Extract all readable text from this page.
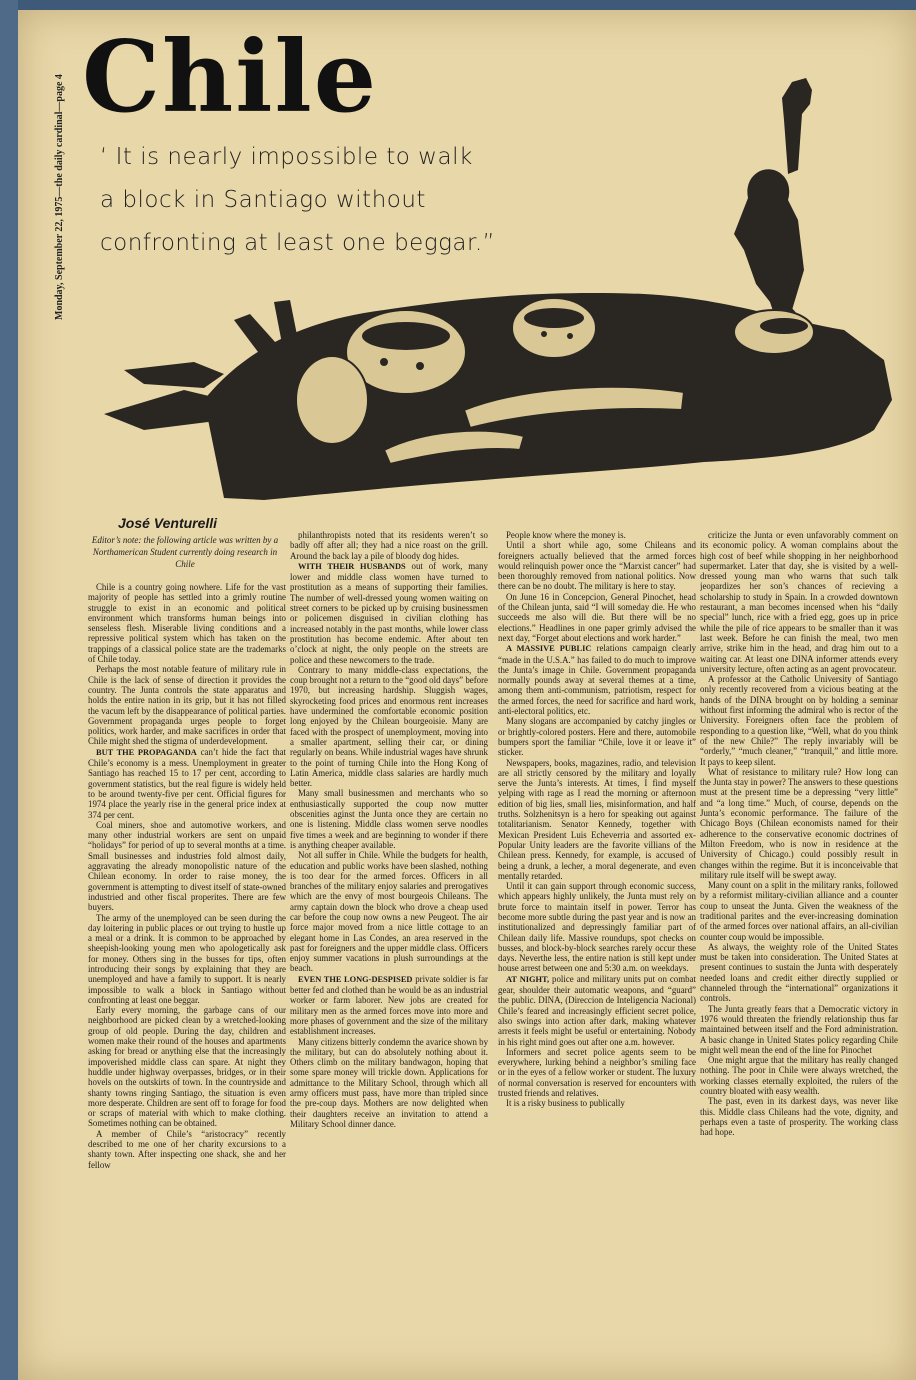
Monday, September 22, 1975—the daily cardinal—page 4 Chile
‘ It is nearly impossible to walk
a block in Santiago without
confronting at least one beggar.”
José Venturelli
Editor’s note: the following article was written by a Northamerican Student currently doing research in Chile

Chile is a country going nowhere. Life for the vast majority of people has settled into a grimly routine struggle to exist in an economic and political environment which transforms human beings into senseless flesh. Miserable living conditions and a repressive political system which has taken on the trappings of a classical police state are the trademarks of Chile today.

Perhaps the most notable feature of military rule in Chile is the lack of sense of direction it provides the country. The Junta controls the state apparatus and holds the entire nation in its grip, but it has not filled the vacum left by the disappearance of political parties. Government propaganda urges people to forget politics, work harder, and make sacrifices in order that Chile might shed the stigma of underdevelopment.

BUT THE PROPAGANDA can’t hide the fact that Chile’s economy is a mess. Unemployment in greater Santiago has reached 15 to 17 per cent, according to government statistics, but the real figure is widely held to be around twenty-five per cent. Official figures for 1974 place the yearly rise in the general price index at 374 per cent.

Coal miners, shoe and automotive workers, and many other industrial workers are sent on unpaid “holidays” for period of up to several months at a time. Small businesses and industries fold almost daily, aggravating the already monopolistic nature of the Chilean economy. In order to raise money, the government is attempting to divest itself of state-owned industried and other fiscal properites. There are few buyers.

The army of the unemployed can be seen during the day loitering in public places or out trying to hustle up a meal or a drink. It is common to be approached by sheepish-looking young men who apologetically ask for money. Others sing in the busses for tips, often introducing their songs by explaining that they are unemployed and have a family to support. It is nearly impossible to walk a block in Santiago without confronting at least one beggar.

Early every morning, the garbage cans of our neighborhood are picked clean by a wretched-looking group of old people. During the day, children and women make their round of the houses and apartments asking for bread or anything else that the increasingly impoverished middle class can spare. At night they huddle under highway overpasses, bridges, or in their hovels on the outskirts of town. In the countryside and shanty towns ringing Santiago, the situation is even more desperate. Children are sent off to forage for food or scraps of material with which to make clothing. Sometimes nothing can be obtained.

A member of Chile’s “aristocracy” recently described to me one of her charity excursions to a shanty town. After inspecting one shack, she and her fellow

philanthropists noted that its residents weren’t so badly off after all; they had a nice roast on the grill. Around the back lay a pile of bloody dog hides.

WITH THEIR HUSBANDS out of work, many lower and middle class women have turned to prostitution as a means of supporting their families. The number of well-dressed young women waiting on street corners to be picked up by cruising businessmen or policemen disguised in civilian clothing has increased notably in the past months, while lower class prostitution has become endemic. After about ten o’clock at night, the only people on the streets are police and these newcomers to the trade.

Contrary to many middle-class expectations, the coup brought not a return to the “good old days” before 1970, but increasing hardship. Sluggish wages, skyrocketing food prices and enormous rent increases have undermined the comfortable economic position long enjoyed by the Chilean bourgeoisie. Many are faced with the prospect of unemployment, moving into a smaller apartment, selling their car, or dining regularly on beans. While industrial wages have shrunk to the point of turning Chile into the Hong Kong of Latin America, middle class salaries are hardly much better.

Many small businessmen and merchants who so enthusiastically supported the coup now mutter obscenities aginst the Junta once they are certain no one is listening. Middle class women serve noodles five times a week and are beginning to wonder if there is anything cheaper available.

Not all suffer in Chile. While the budgets for health, education and public works have been slashed, nothing is too dear for the armed forces. Officers in all branches of the military enjoy salaries and prerogatives which are the envy of most bourgeois Chileans. The army captain down the block who drove a cheap used car before the coup now owns a new Peugeot. The air force major moved from a nice little cottage to an elegant home in Las Condes, an area reserved in the past for foreigners and the upper middle class. Officers enjoy summer vacations in plush surroundings at the beach.

EVEN THE LONG-DESPISED private soldier is far better fed and clothed than he would be as an industrial worker or farm laborer. New jobs are created for military men as the armed forces move into more and more phases of government and the size of the military establishment increases.

Many citizens bitterly condemn the avarice shown by the military, but can do absolutely nothing about it. Others climb on the military bandwagon, hoping that some spare money will trickle down. Applications for admittance to the Military School, through which all army officers must pass, have more than tripled since the pre-coup days. Mothers are now delighted when their daughters receive an invitation to attend a Military School dinner dance.

People know where the money is.

Until a short while ago, some Chileans and foreigners actually believed that the armed forces would relinquish power once the “Marxist cancer” had been thoroughly removed from national politics. Now there can be no doubt. The military is here to stay.

On June 16 in Concepcion, General Pinochet, head of the Chilean junta, said “I will someday die. He who succeeds me also will die. But there will be no elections.” Headlines in one paper grimly advised the next day, “Forget about elections and work harder.”

A MASSIVE PUBLIC relations campaign clearly “made in the U.S.A.” has failed to do much to improve the Junta’s image in Chile. Government propaganda normally pounds away at several themes at a time, among them anti-communism, patriotism, respect for the armed forces, the need for sacrifice and hard work, anti-electoral politics, etc.

Many slogans are accompanied by catchy jingles or or brightly-colored posters. Here and there, automobile bumpers sport the familiar “Chile, love it or leave it” sticker.

Newspapers, books, magazines, radio, and television are all strictly censored by the military and loyally serve the Junta’s interests. At times, I find myself yelping with rage as I read the morning or afternoon edition of big lies, small lies, misinformation, and half truths. Solzhenitsyn is a hero for speaking out against totalitarianism. Senator Kennedy, together with Mexican President Luis Echeverria and assorted ex- Popular Unity leaders are the favorite villians of the Chilean press. Kennedy, for example, is accused of being a drunk, a lecher, a moral degenerate, and even mentally retarded.

Until it can gain support through economic success, which appears highly unlikely, the Junta must rely on brute force to maintain itself in power. Terror has become more subtle during the past year and is now an institutionalized and depressingly familiar part of Chilean daily life. Massive roundups, spot checks on busses, and block-by-block searches rarely occur these days. Neverthe less, the entire nation is still kept under house arrest between one and 5:30 a.m. on weekdays.

AT NIGHT, police and military units put on combat gear, shoulder their automatic weapons, and “guard” the public. DINA, (Direccion de Inteligencia Nacional) Chile’s feared and increasingly efficient secret police, also swings into action after dark, making whatever arrests it feels might be useful or entertaining. Nobody in his right mind goes out after one a.m. however.

Informers and secret police agents seem to be everywhere, lurking behind a neighbor’s smiling face or in the eyes of a fellow worker or student. The luxury of normal conversation is reserved for encounters with trusted friends and relatives.

It is a risky business to publically

criticize the Junta or even unfavorably comment on its economic policy. A woman complains about the high cost of beef while shopping in her neighborhood supermarket. Later that day, she is visited by a well-dressed young man who warns that such talk jeopardizes her son’s chances of recieving a scholarship to study in Spain. In a crowded downtown restaurant, a man becomes incensed when his “daily special” lunch, rice with a fried egg, goes up in price while the pile of rice appears to be smaller than it was last week. Before he can finish the meal, two men arrive, strike him in the head, and drag him out to a waiting car. At least one DINA informer attends every university lecture, often acting as an agent provocateur.

A professor at the Catholic University of Santiago only recently recovered from a vicious beating at the hands of the DINA brought on by holding a seminar without first informing the admiral who is rector of the University. Foreigners often face the problem of responding to a question like, “Well, what do you think of the new Chile?” The reply invariably will be “orderly,” “much cleaner,” “tranquil,” and little more. It pays to keep silent.

What of resistance to military rule? How long can the Junta stay in power? The answers to these questions must at the present time be a depressing “very little” and “a long time.” Much, of course, depends on the Junta’s economic performance. The failure of the Chicago Boys (Chilean economists named for their adherence to the conservative economic doctrines of Milton Freedom, who is now in residence at the University of Chicago.) could possibly result in changes within the regime. But it is inconceivable that military rule itself will be swept away.

Many count on a split in the military ranks, followed by a reformist military-civilian alliance and a counter coup to unseat the Junta. Given the weakness of the traditional parites and the ever-increasing domination of the armed forces over national affairs, an all-civilian counter coup would be impossible.

As always, the weighty role of the United States must be taken into consideration. The United States at present continues to sustain the Junta with desperately needed loans and credit either directly supplied or channeled through the “international” organizations it controls.

The Junta greatly fears that a Democratic victory in 1976 would threaten the friendly relationship thus far maintained between itself and the Ford administration. A basic change in United States policy regarding Chile might well mean the end of the line for Pinochet

One might argue that the military has really changed nothing. The poor in Chile were always wretched, the working classes eternally exploited, the rulers of the country bloated with easy wealth.

The past, even in its darkest days, was never like this. Middle class Chileans had the vote, dignity, and perhaps even a taste of prosperity. The working class had hope.
